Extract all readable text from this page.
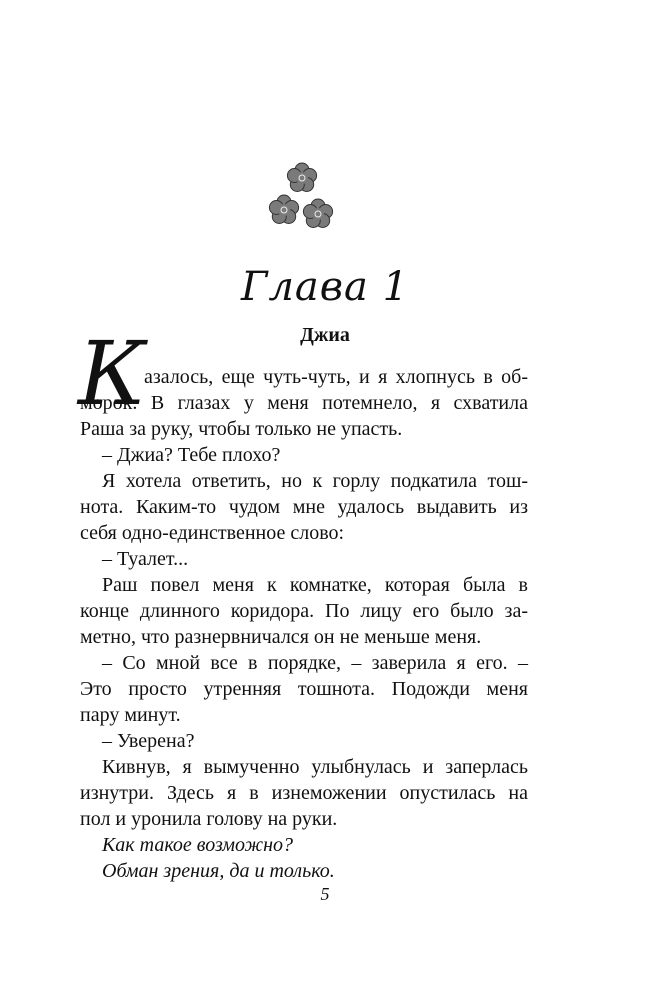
Глава 1
Джиа
К
азалось, еще чуть-чуть, и я хлопнусь в об-
морок. В глазах у меня потемнело, я схватила
Раша за руку, чтобы только не упасть.
– Джиа? Тебе плохо?
Я хотела ответить, но к горлу подкатила тош-
нота. Каким-то чудом мне удалось выдавить из
себя одно-единственное слово:
– Туалет...
Раш повел меня к комнатке, которая была в
конце длинного коридора. По лицу его было за-
метно, что разнервничался он не меньше меня.
– Со мной все в порядке, – заверила я его. –
Это просто утренняя тошнота. Подожди меня
пару минут.
– Уверена?
Кивнув, я вымученно улыбнулась и заперлась
изнутри. Здесь я в изнеможении опустилась на
пол и уронила голову на руки.
Как такое возможно?
Обман зрения, да и только.
5
